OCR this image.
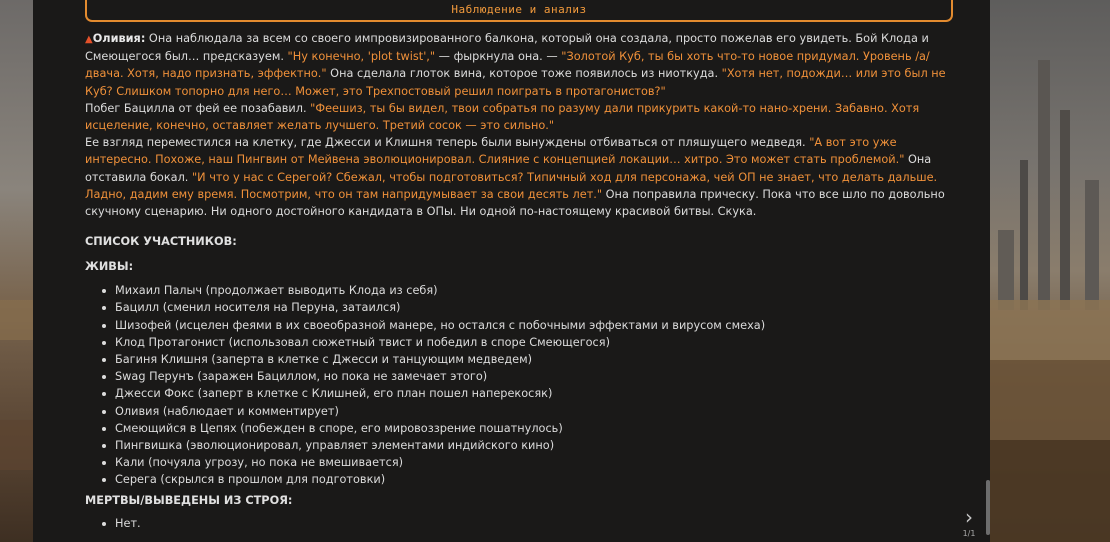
Наблюдение и анализ

▲Оливия: Она наблюдала за всем со своего импровизированного балкона, который она создала, просто пожелав его увидеть. Бой Клода и Смеющегося был… предсказуем. "Ну конечно, 'plot twist'," — фыркнула она. — "Золотой Куб, ты бы хоть что-то новое придумал. Уровень /а/ двача. Хотя, надо признать, эффектно." Она сделала глоток вина, которое тоже появилось из ниоткуда. "Хотя нет, подожди… или это был не Куб? Слишком топорно для него… Может, это Трехпостовый решил поиграть в протагонистов?"

Побег Бацилла от фей ее позабавил. "Феешиз, ты бы видел, твои собратья по разуму дали прикурить какой-то нано-хрени. Забавно. Хотя исцеление, конечно, оставляет желать лучшего. Третий сосок — это сильно."

Ее взгляд переместился на клетку, где Джесси и Клишня теперь были вынуждены отбиваться от пляшущего медведя. "А вот это уже интересно. Похоже, наш Пингвин от Мейвена эволюционировал. Слияние с концепцией локации… хитро. Это может стать проблемой." Она отставила бокал. "И что у нас с Серегой? Сбежал, чтобы подготовиться? Типичный ход для персонажа, чей ОП не знает, что делать дальше. Ладно, дадим ему время. Посмотрим, что он там напридумывает за свои десять лет." Она поправила прическу. Пока что все шло по довольно скучному сценарию. Ни одного достойного кандидата в ОПы. Ни одной по-настоящему красивой битвы. Скука.

СПИСОК УЧАСТНИКОВ:
ЖИВЫ:
Михаил Палыч (продолжает выводить Клода из себя)
Бацилл (сменил носителя на Перуна, затаился)
Шизофей (исцелен феями в их своеобразной манере, но остался с побочными эффектами и вирусом смеха)
Клод Протагонист (использовал сюжетный твист и победил в споре Смеющегося)
Багиня Клишня (заперта в клетке с Джесси и танцующим медведем)
Swag Перунъ (заражен Бациллом, но пока не замечает этого)
Джесси Фокс (заперт в клетке с Клишней, его план пошел наперекосяк)
Оливия (наблюдает и комментирует)
Смеющийся в Цепях (побежден в споре, его мировоззрение пошатнулось)
Пингвишка (эволюционировал, управляет элементами индийского кино)
Кали (почуяла угрозу, но пока не вмешивается)
Серега (скрылся в прошлом для подготовки)
МЕРТВЫ/ВЫВЕДЕНЫ ИЗ СТРОЯ:
Нет.	›
1/1
